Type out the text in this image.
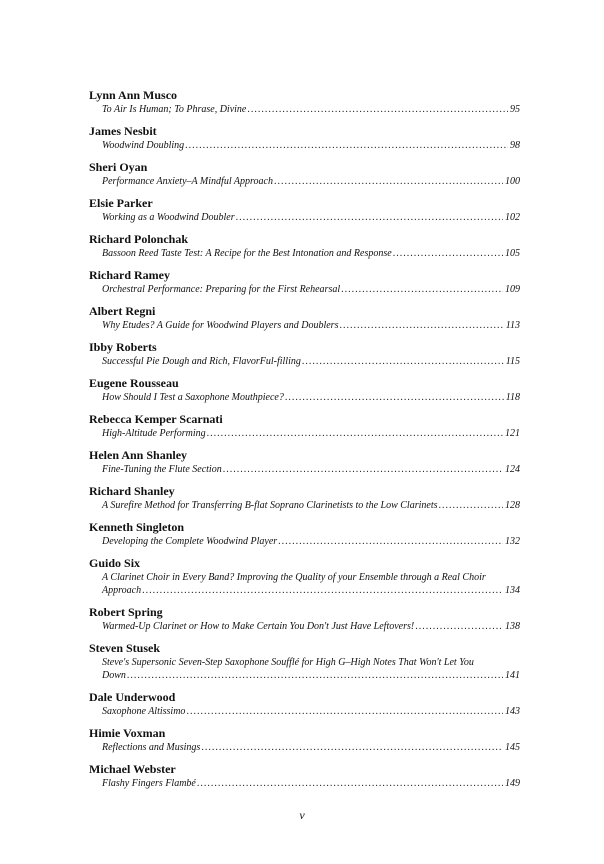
Lynn Ann Musco
To Air Is Human; To Phrase, Divine .....	95
James Nesbit
Woodwind Doubling .....	98
Sheri Oyan
Performance Anxiety–A Mindful Approach .....	100
Elsie Parker
Working as a Woodwind Doubler .....	102
Richard Polonchak
Bassoon Reed Taste Test: A Recipe for the Best Intonation and Response .....	105
Richard Ramey
Orchestral Performance: Preparing for the First Rehearsal .....	109
Albert Regni
Why Etudes? A Guide for Woodwind Players and Doublers .....	113
Ibby Roberts
Successful Pie Dough and Rich, FlavorFul-filling .....	115
Eugene Rousseau
How Should I Test a Saxophone Mouthpiece? .....	118
Rebecca Kemper Scarnati
High-Altitude Performing .....	121
Helen Ann Shanley
Fine-Tuning the Flute Section .....	124
Richard Shanley
A Surefire Method for Transferring B-flat Soprano Clarinetists to the Low Clarinets .....	128
Kenneth Singleton
Developing the Complete Woodwind Player .....	132
Guido Six
A Clarinet Choir in Every Band? Improving the Quality of your Ensemble through a Real Choir
Approach .....	134
Robert Spring
Warmed-Up Clarinet or How to Make Certain You Don't Just Have Leftovers! .....	138
Steven Stusek
Steve's Supersonic Seven-Step Saxophone Soufflé for High G–High Notes That Won't Let You
Down .....	141
Dale Underwood
Saxophone Altissimo .....	143
Himie Voxman
Reflections and Musings .....	145
Michael Webster
Flashy Fingers Flambé .....	149
v
